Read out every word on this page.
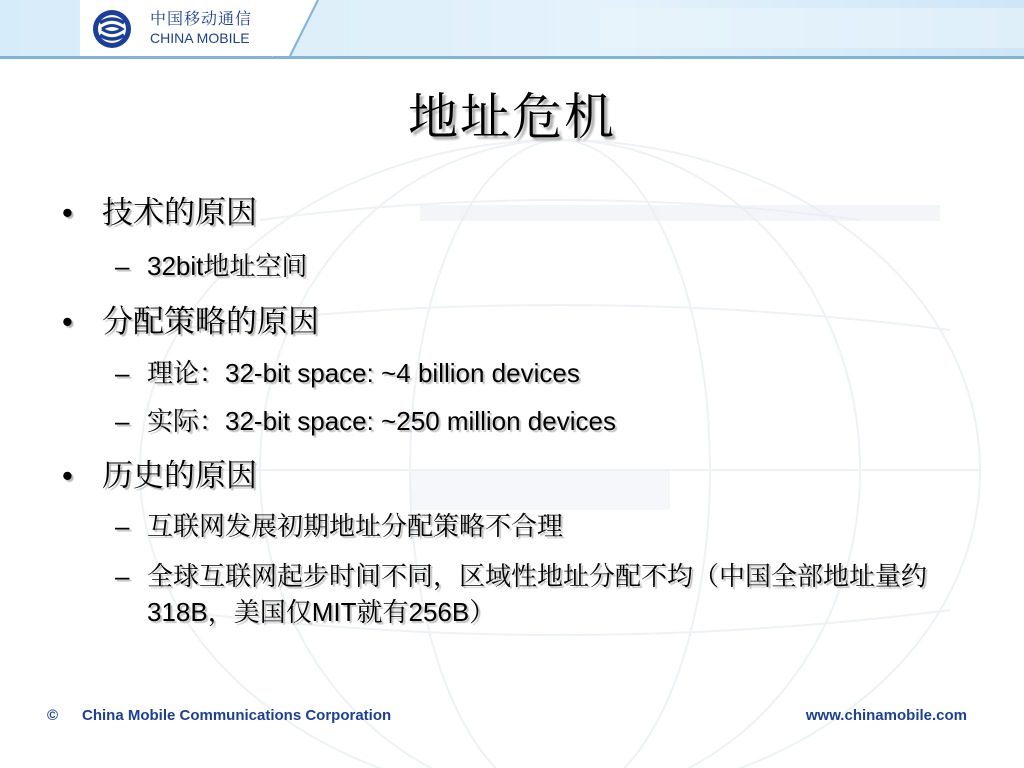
中国移动通信
CHINA MOBILE
地址危机
• 技术的原因
– 32bit地址空间
• 分配策略的原因
– 理论：32-bit space: ~4 billion devices
– 实际：32-bit space: ~250 million devices
• 历史的原因
– 互联网发展初期地址分配策略不合理
– 全球互联网起步时间不同，区域性地址分配不均（中国全部地址量约318B，美国仅MIT就有256B）
© China Mobile Communications Corporation	www.chinamobile.com
